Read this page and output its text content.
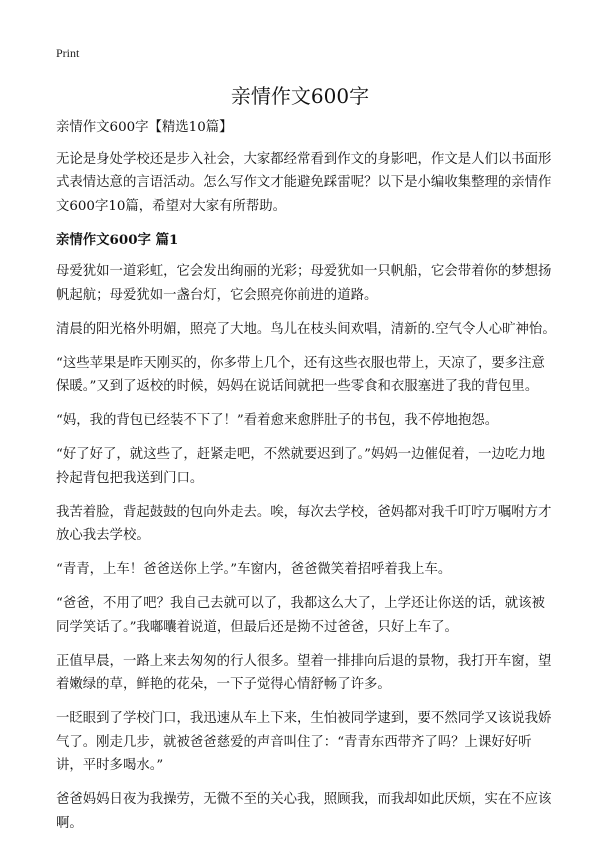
Print
亲情作文600字

亲情作文600字【精选10篇】

无论是身处学校还是步入社会，大家都经常看到作文的身影吧，作文是人们以书面形式表情达意的言语活动。怎么写作文才能避免踩雷呢？以下是小编收集整理的亲情作文600字10篇，希望对大家有所帮助。

亲情作文600字 篇1

母爱犹如一道彩虹，它会发出绚丽的光彩；母爱犹如一只帆船，它会带着你的梦想扬帆起航；母爱犹如一盏台灯，它会照亮你前进的道路。

清晨的阳光格外明媚，照亮了大地。鸟儿在枝头间欢唱，清新的.空气令人心旷神怡。

“这些苹果是昨天刚买的，你多带上几个，还有这些衣服也带上，天凉了，要多注意保暖。”又到了返校的时候，妈妈在说话间就把一些零食和衣服塞进了我的背包里。

“妈，我的背包已经装不下了！”看着愈来愈胖肚子的书包，我不停地抱怨。

“好了好了，就这些了，赶紧走吧，不然就要迟到了。”妈妈一边催促着，一边吃力地拎起背包把我送到门口。

我苦着脸，背起鼓鼓的包向外走去。唉，每次去学校，爸妈都对我千叮咛万嘱咐方才放心我去学校。

“青青，上车！爸爸送你上学。”车窗内，爸爸微笑着招呼着我上车。

“爸爸，不用了吧？我自己去就可以了，我都这么大了，上学还让你送的话，就该被同学笑话了。”我嘟囔着说道，但最后还是拗不过爸爸，只好上车了。

正值早晨，一路上来去匆匆的行人很多。望着一排排向后退的景物，我打开车窗，望着嫩绿的草，鲜艳的花朵，一下子觉得心情舒畅了许多。

一眨眼到了学校门口，我迅速从车上下来，生怕被同学逮到，要不然同学又该说我娇气了。刚走几步，就被爸爸慈爱的声音叫住了：“青青东西带齐了吗？上课好好听讲，平时多喝水。”

爸爸妈妈日夜为我操劳，无微不至的关心我，照顾我，而我却如此厌烦，实在不应该啊。
